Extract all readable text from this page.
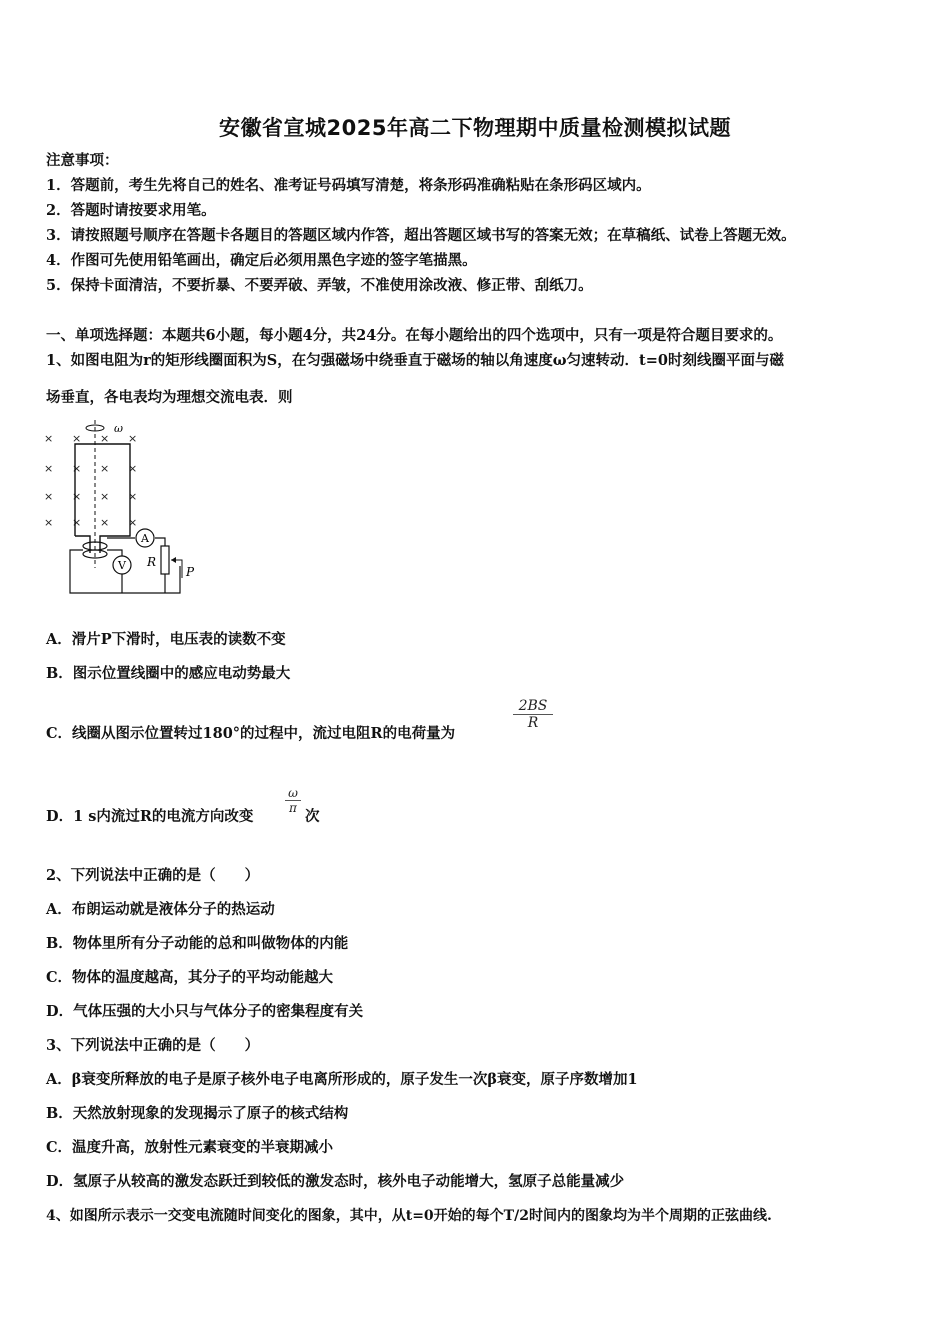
安徽省宣城2025年高二下物理期中质量检测模拟试题
注意事项：
1．答题前，考生先将自己的姓名、准考证号码填写清楚，将条形码准确粘贴在条形码区域内。
2．答题时请按要求用笔。
3．请按照题号顺序在答题卡各题目的答题区域内作答，超出答题区域书写的答案无效；在草稿纸、试卷上答题无效。
4．作图可先使用铅笔画出，确定后必须用黑色字迹的签字笔描黑。
5．保持卡面清洁，不要折暴、不要弄破、弄皱，不准使用涂改液、修正带、刮纸刀。
一、单项选择题：本题共6小题，每小题4分，共24分。在每小题给出的四个选项中，只有一项是符合题目要求的。
1、如图电阻为r的矩形线圈面积为S，在匀强磁场中绕垂直于磁场的轴以角速度ω匀速转动．t=0时刻线圈平面与磁
场垂直，各电表均为理想交流电表．则
× × × ×
× × × ×
× × × ×
× × × ×
ω
A
V R
P
A．滑片P下滑时，电压表的读数不变
B．图示位置线圈中的感应电动势最大
C．线圈从图示位置转过180°的过程中，流过电阻R的电荷量为
2BS
R
D．1 s内流过R的电流方向改变
ω
π 次
2、下列说法中正确的是（　　）
A．布朗运动就是液体分子的热运动
B．物体里所有分子动能的总和叫做物体的内能
C．物体的温度越高，其分子的平均动能越大
D．气体压强的大小只与气体分子的密集程度有关
3、下列说法中正确的是（　　）
A．β衰变所释放的电子是原子核外电子电离所形成的，原子发生一次β衰变，原子序数增加1
B．天然放射现象的发现揭示了原子的核式结构
C．温度升高，放射性元素衰变的半衰期减小
D．氢原子从较高的激发态跃迁到较低的激发态时，核外电子动能增大，氢原子总能量减少
4、如图所示表示一交变电流随时间变化的图象，其中，从t=0开始的每个T/2时间内的图象均为半个周期的正弦曲线.
